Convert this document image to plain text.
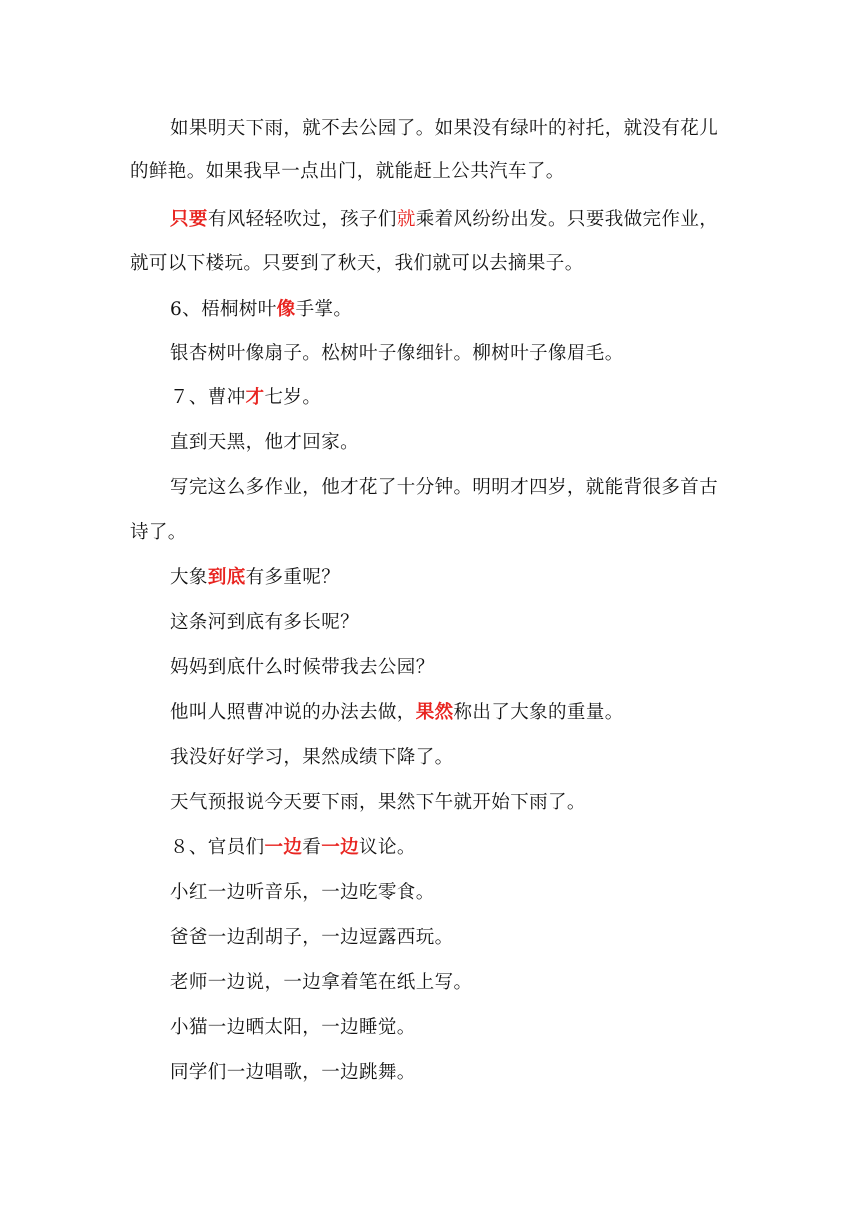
如果明天下雨，就不去公园了。如果没有绿叶的衬托，就没有花儿
的鲜艳。如果我早一点出门，就能赶上公共汽车了。
只要有风轻轻吹过，孩子们就乘着风纷纷出发。只要我做完作业，
就可以下楼玩。只要到了秋天，我们就可以去摘果子。
6、梧桐树叶像手掌。
银杏树叶像扇子。松树叶子像细针。柳树叶子像眉毛。
７、曹冲才七岁。
直到天黑，他才回家。
写完这么多作业，他才花了十分钟。明明才四岁，就能背很多首古
诗了。
大象到底有多重呢？
这条河到底有多长呢？
妈妈到底什么时候带我去公园？
他叫人照曹冲说的办法去做，果然称出了大象的重量。
我没好好学习，果然成绩下降了。
天气预报说今天要下雨，果然下午就开始下雨了。
８、官员们一边看一边议论。
小红一边听音乐，一边吃零食。
爸爸一边刮胡子，一边逗露西玩。
老师一边说，一边拿着笔在纸上写。
小猫一边晒太阳，一边睡觉。
同学们一边唱歌，一边跳舞。
